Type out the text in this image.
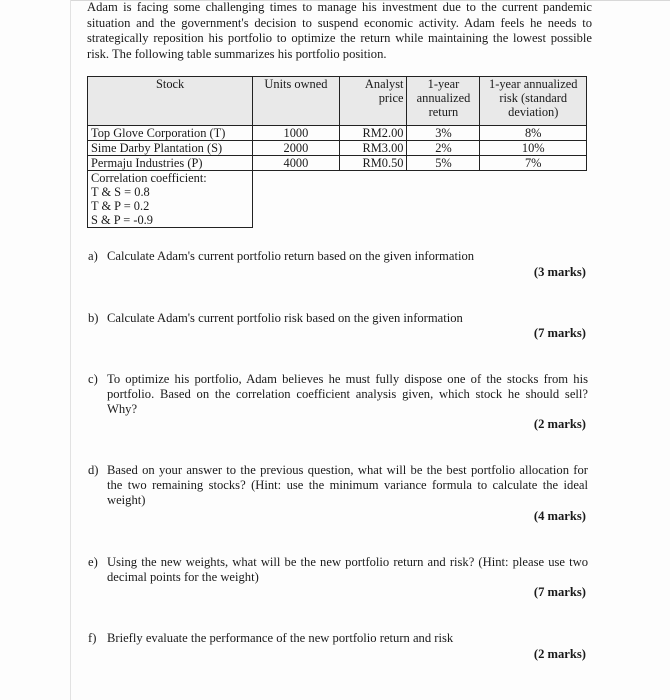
Adam is facing some challenging times to manage his investment due to the current pandemic situation and the government's decision to suspend economic activity. Adam feels he needs to strategically reposition his portfolio to optimize the return while maintaining the lowest possible risk. The following table summarizes his portfolio position.
Stock	Units owned	Analyst price	1-year annualized return	1-year annualized risk (standard deviation)
Top Glove Corporation (T)	1000	RM2.00	3%	8%
Sime Darby Plantation (S)	2000	RM3.00	2%	10%
Permaju Industries (P)	4000	RM0.50	5%	7%

Correlation coefficient:
T & S = 0.8
T & P = 0.2
S & P = -0.9				

a) Calculate Adam's current portfolio return based on the given information
(3 marks)
b) Calculate Adam's current portfolio risk based on the given information
(7 marks)
c) To optimize his portfolio, Adam believes he must fully dispose one of the stocks from his portfolio. Based on the correlation coefficient analysis given, which stock he should sell? Why?
(2 marks)
d) Based on your answer to the previous question, what will be the best portfolio allocation for the two remaining stocks? (Hint: use the minimum variance formula to calculate the ideal weight)
(4 marks)
e) Using the new weights, what will be the new portfolio return and risk? (Hint: please use two decimal points for the weight)
(7 marks)
f) Briefly evaluate the performance of the new portfolio return and risk
(2 marks)
